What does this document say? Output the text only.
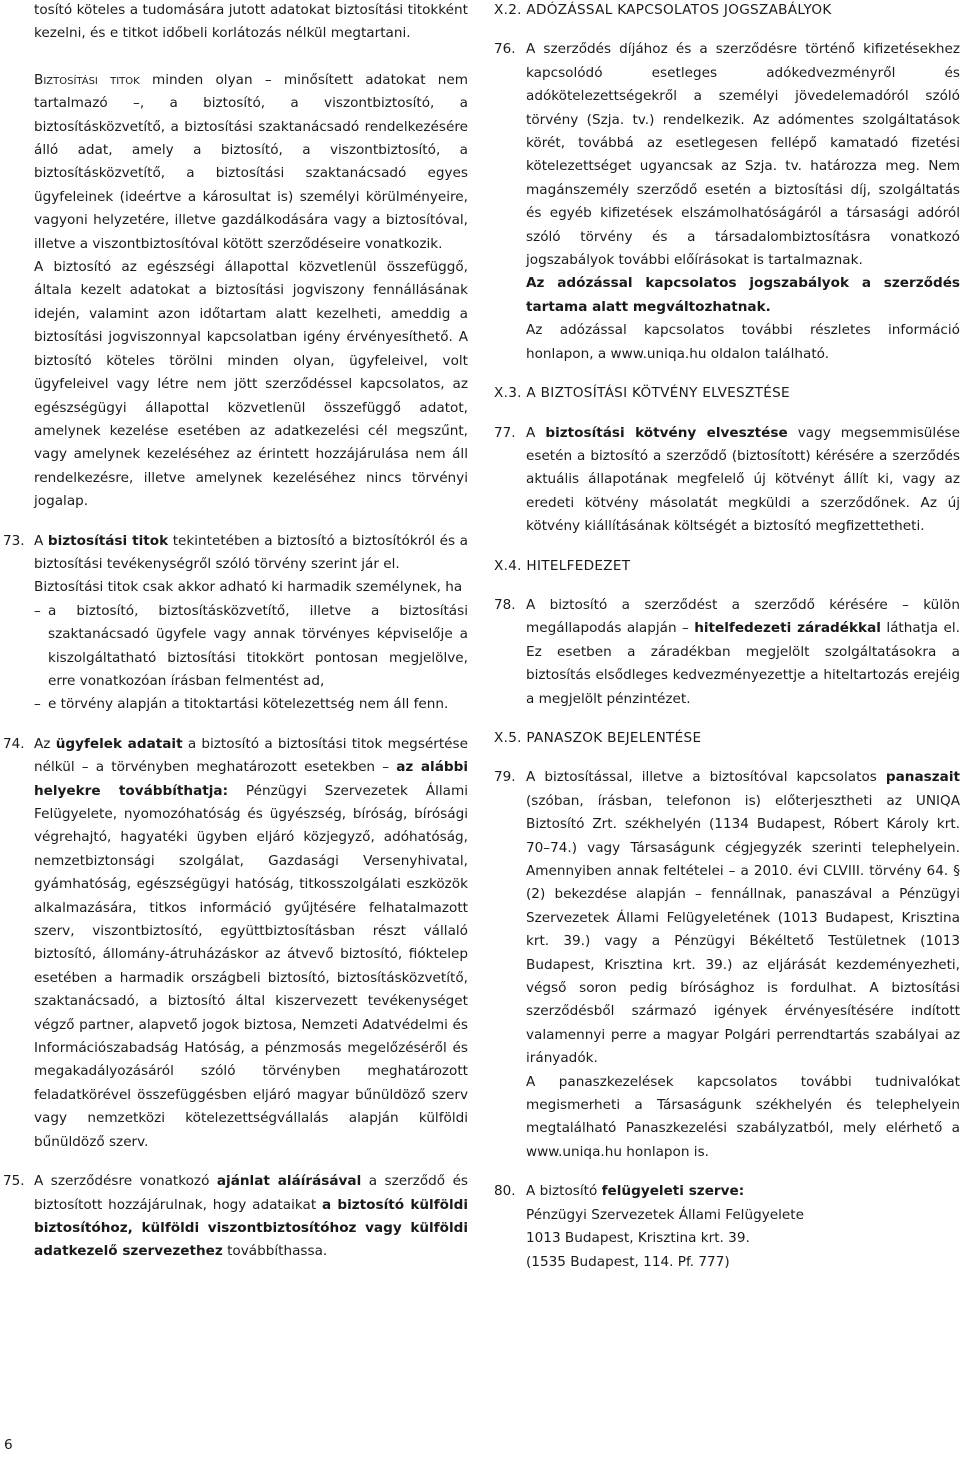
tosító köteles a tudomására jutott adatokat biztosítási titokként kezelni, és e titkot időbeli korlátozás nélkül megtartani.

Biztosítási titok minden olyan – minősített adatokat nem tartalmazó –, a biztosító, a viszontbiztosító, a biztosításközvetítő, a biztosítási szaktanácsadó rendelkezésére álló adat, amely a biztosító, a viszontbiztosító, a biztosításközvetítő, a biztosítási szaktanácsadó egyes ügyfeleinek (ideértve a károsultat is) személyi körülményeire, vagyoni helyzetére, illetve gazdálkodására vagy a biztosítóval, illetve a viszontbiztosítóval kötött szerződéseire vonatkozik.

A biztosító az egészségi állapottal közvetlenül összefüggő, általa kezelt adatokat a biztosítási jogviszony fennállásának idején, valamint azon időtartam alatt kezelheti, ameddig a biztosítási jogviszonnyal kapcsolatban igény érvényesíthető. A biztosító köteles törölni minden olyan, ügyfeleivel, volt ügyfeleivel vagy létre nem jött szerződéssel kapcsolatos, az egészségügyi állapottal közvetlenül összefüggő adatot, amelynek kezelése esetében az adatkezelési cél megszűnt, vagy amelynek kezeléséhez az érintett hozzájárulása nem áll rendelkezésre, illetve amelynek kezeléséhez nincs törvényi jogalap.

73. A biztosítási titok tekintetében a biztosító a biztosítókról és a biztosítási tevékenységről szóló törvény szerint jár el.

Biztosítási titok csak akkor adható ki harmadik személynek, ha

– a biztosító, biztosításközvetítő, illetve a biztosítási szaktanácsadó ügyfele vagy annak törvényes képviselője a kiszolgáltatható biztosítási titokkört pontosan megjelölve, erre vonatkozóan írásban felmentést ad,
– e törvény alapján a titoktartási kötelezettség nem áll fenn.
74. Az ügyfelek adatait a biztosító a biztosítási titok megsértése nélkül – a törvényben meghatározott esetekben – az alábbi helyekre továbbíthatja: Pénzügyi Szervezetek Állami Felügyelete, nyomozóhatóság és ügyészség, bíróság, bírósági végrehajtó, hagyatéki ügyben eljáró közjegyző, adóhatóság, nemzetbiztonsági szolgálat, Gazdasági Versenyhivatal, gyámhatóság, egészségügyi hatóság, titkosszolgálati eszközök alkalmazására, titkos információ gyűjtésére felhatalmazott szerv, viszontbiztosító, együttbiztosításban részt vállaló biztosító, állomány-átruházáskor az átvevő biztosító, fióktelep esetében a harmadik országbeli biztosító, biztosításközvetítő, szaktanácsadó, a biztosító által kiszervezett tevékenységet végző partner, alapvető jogok biztosa, Nemzeti Adatvédelmi és Információszabadság Hatóság, a pénzmosás megelőzéséről és megakadályozásáról szóló törvényben meghatározott feladatkörével összefüggésben eljáró magyar bűnüldöző szerv vagy nemzetközi kötelezettségvállalás alapján külföldi bűnüldöző szerv.

75. A szerződésre vonatkozó ajánlat aláírásával a szerződő és biztosított hozzájárulnak, hogy adataikat a biztosító külföldi biztosítóhoz, külföldi viszontbiztosítóhoz vagy külföldi adatkezelő szervezethez továbbíthassa.

X.2. ADÓZÁSSAL KAPCSOLATOS JOGSZABÁLYOK
76. A szerződés díjához és a szerződésre történő kifizetésekhez kapcsolódó esetleges adókedvezményről és adókötelezettségekről a személyi jövedelemadóról szóló törvény (Szja. tv.) rendelkezik. Az adómentes szolgáltatások körét, továbbá az esetlegesen fellépő kamatadó fizetési kötelezettséget ugyancsak az Szja. tv. határozza meg. Nem magánszemély szerződő esetén a biztosítási díj, szolgáltatás és egyéb kifizetések elszámolhatóságáról a társasági adóról szóló törvény és a társadalombiztosításra vonatkozó jogszabályok további előírásokat is tartalmaznak.

Az adózással kapcsolatos jogszabályok a szerződés tartama alatt megváltozhatnak.

Az adózással kapcsolatos további részletes információ honlapon, a www.uniqa.hu oldalon található.

X.3. A BIZTOSÍTÁSI KÖTVÉNY ELVESZTÉSE
77. A biztosítási kötvény elvesztése vagy megsemmisülése esetén a biztosító a szerződő (biztosított) kérésére a szerződés aktuális állapotának megfelelő új kötvényt állít ki, vagy az eredeti kötvény másolatát megküldi a szerződőnek. Az új kötvény kiállításának költségét a biztosító megfizettetheti.

X.4. HITELFEDEZET
78. A biztosító a szerződést a szerződő kérésére – külön megállapodás alapján – hitelfedezeti záradékkal láthatja el. Ez esetben a záradékban megjelölt szolgáltatásokra a biztosítás elsődleges kedvezményezettje a hiteltartozás erejéig a megjelölt pénzintézet.

X.5. PANASZOK BEJELENTÉSE
79. A biztosítással, illetve a biztosítóval kapcsolatos panaszait (szóban, írásban, telefonon is) előterjesztheti az UNIQA Biztosító Zrt. székhelyén (1134 Budapest, Róbert Károly krt. 70–74.) vagy Társaságunk cégjegyzék szerinti telephelyein. Amennyiben annak feltételei – a 2010. évi CLVIII. törvény 64. § (2) bekezdése alapján – fennállnak, panaszával a Pénzügyi Szervezetek Állami Felügyeletének (1013 Budapest, Krisztina krt. 39.) vagy a Pénzügyi Békéltető Testületnek (1013 Budapest, Krisztina krt. 39.) az eljárását kezdeményezheti, végső soron pedig bírósághoz is fordulhat. A biztosítási szerződésből származó igények érvényesítésére indított valamennyi perre a magyar Polgári perrendtartás szabályai az irányadók.

A panaszkezelések kapcsolatos további tudnivalókat megismerheti a Társaságunk székhelyén és telephelyein megtalálható Panaszkezelési szabályzatból, mely elérhető a www.uniqa.hu honlapon is.

80. A biztosító felügyeleti szerve:

Pénzügyi Szervezetek Állami Felügyelete

1013 Budapest, Krisztina krt. 39.

(1535 Budapest, 114. Pf. 777)

6
